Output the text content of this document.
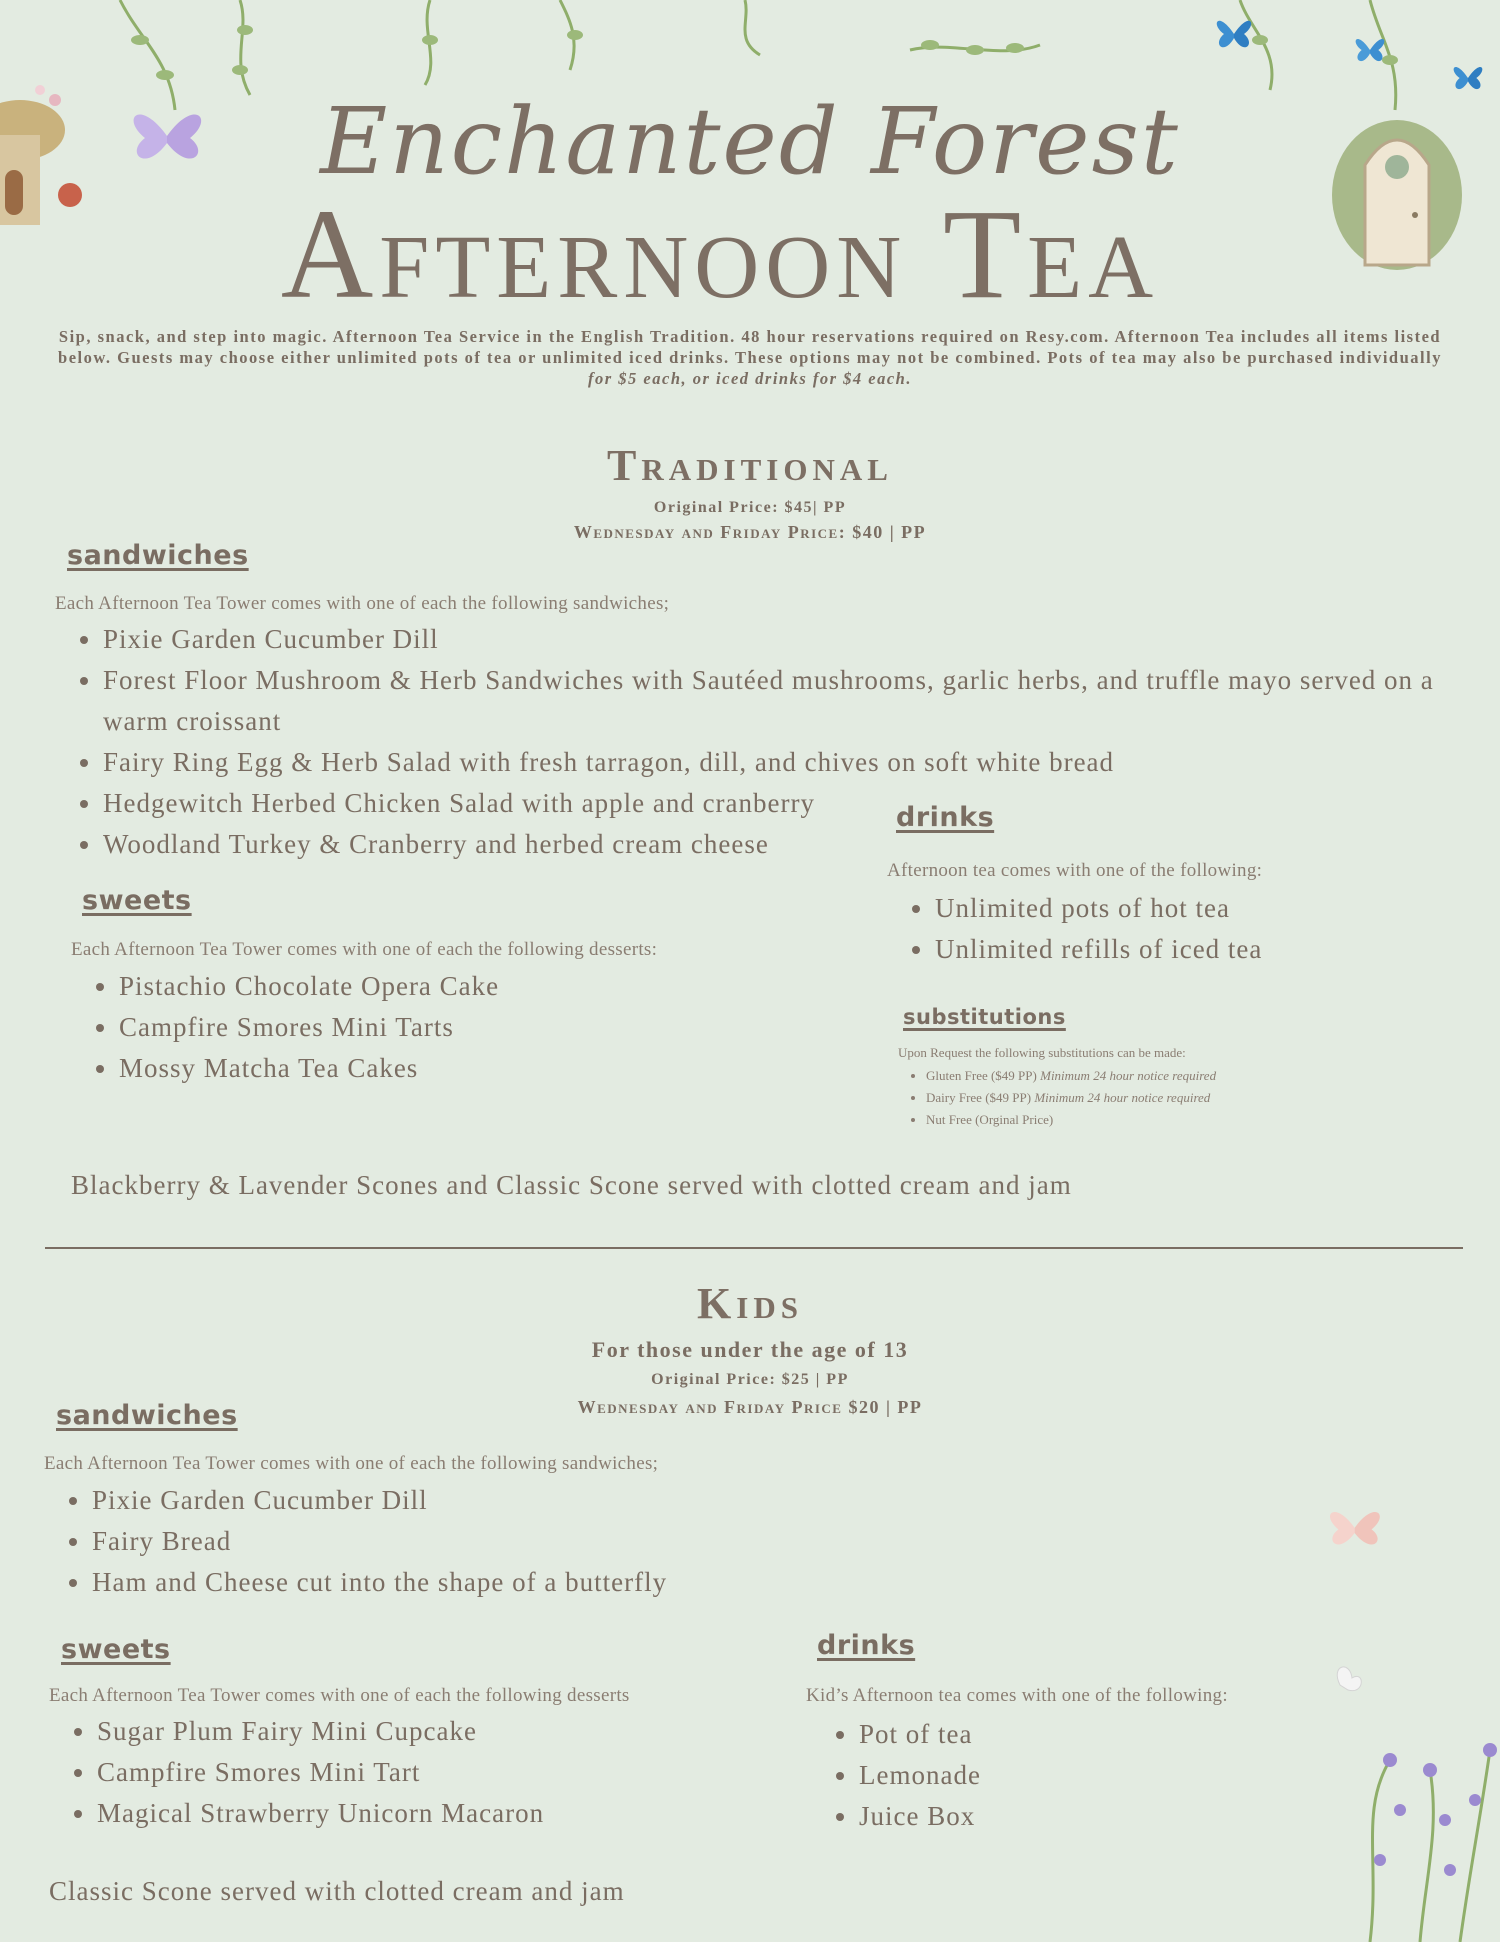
Enchanted Forest
Afternoon Tea
Sip, snack, and step into magic. Afternoon Tea Service in the English Tradition. 48 hour reservations required on Resy.com. Afternoon Tea includes all items listed below. Guests may choose either unlimited pots of tea or unlimited iced drinks. These options may not be combined. Pots of tea may also be purchased individually for $5 each, or iced drinks for $4 each.
Traditional
Original Price: $45| PP
Wednesday and Friday Price: $40 | PP
sandwiches
Each Afternoon Tea Tower comes with one of each the following sandwiches;
• Pixie Garden Cucumber Dill
• Forest Floor Mushroom & Herb Sandwiches with Sautéed mushrooms, garlic herbs, and truffle mayo served on a warm croissant
• Fairy Ring Egg & Herb Salad with fresh tarragon, dill, and chives on soft white bread
• Hedgewitch Herbed Chicken Salad with apple and cranberry
• Woodland Turkey & Cranberry and herbed cream cheese
sweets
Each Afternoon Tea Tower comes with one of each the following desserts:
• Pistachio Chocolate Opera Cake
• Campfire Smores Mini Tarts
• Mossy Matcha Tea Cakes
drinks
Afternoon tea comes with one of the following:
• Unlimited pots of hot tea
• Unlimited refills of iced tea
substitutions
Upon Request the following substitutions can be made:
• Gluten Free ($49 PP) Minimum 24 hour notice required
• Dairy Free ($49 PP) Minimum 24 hour notice required
• Nut Free (Orginal Price)
Blackberry & Lavender Scones and Classic Scone served with clotted cream and jam
Kids
For those under the age of 13
Original Price: $25 | PP
Wednesday and Friday Price $20 | PP
sandwiches
Each Afternoon Tea Tower comes with one of each the following sandwiches;
• Pixie Garden Cucumber Dill
• Fairy Bread
• Ham and Cheese cut into the shape of a butterfly
sweets
Each Afternoon Tea Tower comes with one of each the following desserts
• Sugar Plum Fairy Mini Cupcake
• Campfire Smores Mini Tart
• Magical Strawberry Unicorn Macaron
drinks
Kid’s Afternoon tea comes with one of the following:
• Pot of tea
• Lemonade
• Juice Box
Classic Scone served with clotted cream and jam
